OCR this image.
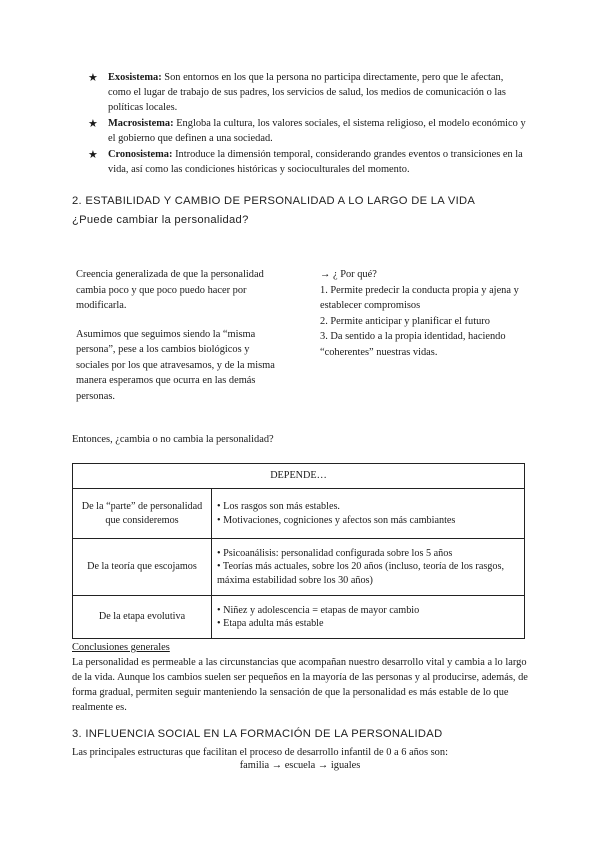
★ Exosistema: Son entornos en los que la persona no participa directamente, pero que le afectan, como el lugar de trabajo de sus padres, los servicios de salud, los medios de comunicación o las políticas locales.
★ Macrosistema: Engloba la cultura, los valores sociales, el sistema religioso, el modelo económico y el gobierno que definen a una sociedad.
★ Cronosistema: Introduce la dimensión temporal, considerando grandes eventos o transiciones en la vida, así como las condiciones históricas y socioculturales del momento.
2. ESTABILIDAD Y CAMBIO DE PERSONALIDAD A LO LARGO DE LA VIDA
¿Puede cambiar la personalidad?

Creencia generalizada de que la personalidad cambia poco y que poco puedo hacer por modificarla.

Asumimos que seguimos siendo la “misma persona”, pese a los cambios biológicos y sociales por los que atravesamos, y de la misma manera esperamos que ocurra en las demás personas.

→ ¿ Por qué?

1. Permite predecir la conducta propia y ajena y establecer compromisos

2. Permite anticipar y planificar el futuro

3. Da sentido a la propia identidad, haciendo “coherentes” nuestras vidas.

Entonces, ¿cambia o no cambia la personalidad?
DEPENDE…	
De la “parte” de personalidad que consideremos	• Los rasgos son más estables.
• Motivaciones, cogniciones y afectos son más cambiantes

De la teoría que escojamos	• Psicoanálisis: personalidad configurada sobre los 5 años
• Teorías más actuales, sobre los 20 años (incluso, teoría de los rasgos, máxima estabilidad sobre los 30 años)

De la etapa evolutiva	• Niñez y adolescencia = etapas de mayor cambio
• Etapa adulta más estable

Conclusiones generales

La personalidad es permeable a las circunstancias que acompañan nuestro desarrollo vital y cambia a lo largo de la vida. Aunque los cambios suelen ser pequeños en la mayoría de las personas y al producirse, además, de forma gradual, permiten seguir manteniendo la sensación de que la personalidad es más estable de lo que realmente es.

3. INFLUENCIA SOCIAL EN LA FORMACIÓN DE LA PERSONALIDAD
Las principales estructuras que facilitan el proceso de desarrollo infantil de 0 a 6 años son:
familia → escuela → iguales
